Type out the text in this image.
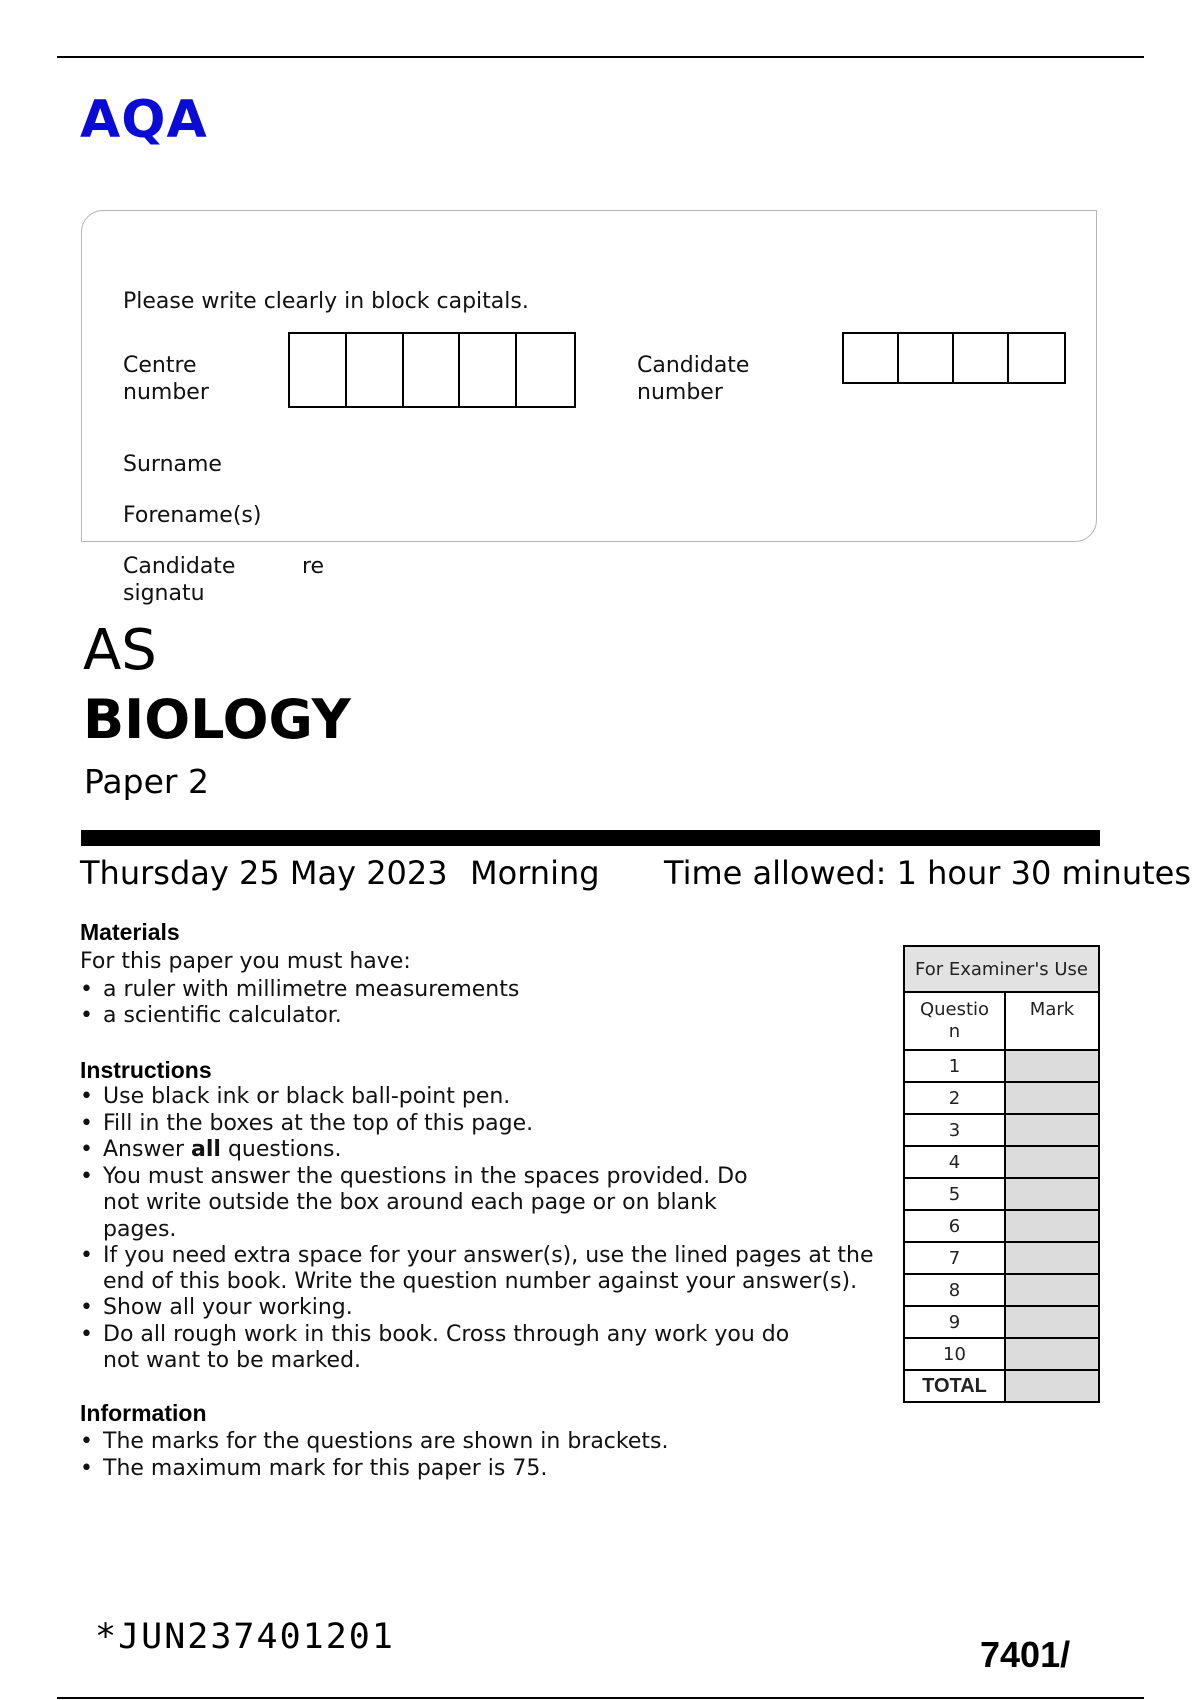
AQA
Please write clearly in block capitals.
Centre
number
Candidate
number
Surname
Forename(s)
Candidate
signatu
re
AS
BIOLOGY
Paper 2
Thursday 25 May 2023 Morning Time allowed: 1 hour 30 minutes
Materials
For this paper you must have:
• a ruler with millimetre measurements
• a scientific calculator.
Instructions
• Use black ink or black ball-point pen.
• Fill in the boxes at the top of this page.
• Answer all questions.
• You must answer the questions in the spaces provided. Do not write outside the box around each page or on blank pages.
• If you need extra space for your answer(s), use the lined pages at the end of this book. Write the question number against your answer(s).
• Show all your working.
• Do all rough work in this book. Cross through any work you do not want to be marked.
Information
• The marks for the questions are shown in brackets.
• The maximum mark for this paper is 75.
For Examiner's Use	
Questio
n	Mark
1	
2	
3	
4	
5	
6	
7	
8	
9	
10	
TOTAL	
*JUN237401201	7401/
